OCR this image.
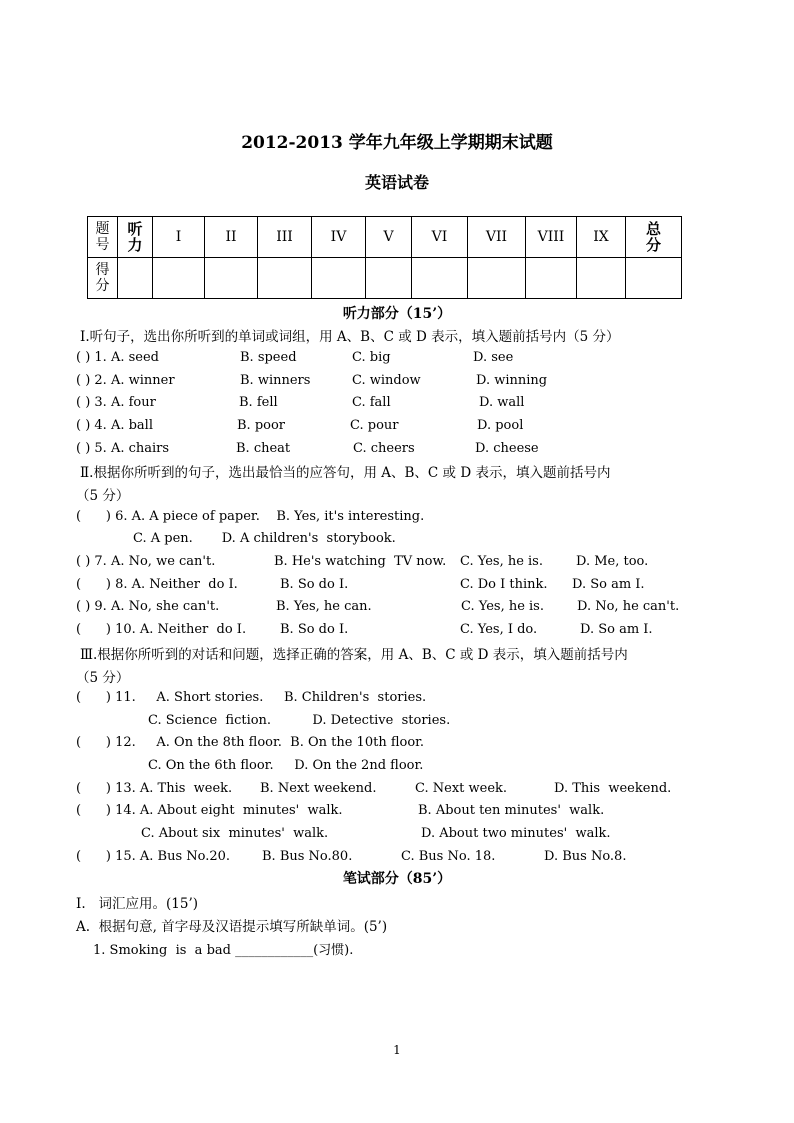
2012-2013 学年九年级上学期期末试题
英语试卷
题号	听力	I	II	III	IV	V	VI	VII	VIII	IX	总分
得分											
听力部分（15’）
Ⅰ.听句子，选出你所听到的单词或词组，用 A、B、C 或 D 表示，填入题前括号内（5 分）
( ) 1. A. seed	B. speed	C. big	D. see
( ) 2. A. winner	B. winners	C. window	D. winning
( ) 3. A. four	B. fell	C. fall	D. wall
( ) 4. A. ball	B. poor	C. pour	D. pool
( ) 5. A. chairs	B. cheat	C. cheers	D. cheese
Ⅱ.根据你所听到的句子，选出最恰当的应答句，用 A、B、C 或 D 表示，填入题前括号内
（5 分）
(      ) 6. A. A piece of paper.    B. Yes, it's interesting.
C. A pen.       D. A children's  storybook.
( ) 7. A. No, we can't.	B. He's watching  TV now. C. Yes, he is.	D. Me, too.
(      ) 8. A. Neither  do I.	B. So do I.	C. Do I think. D. So am I.
( ) 9. A. No, she can't.	B. Yes, he can.	C. Yes, he is.	D. No, he can't.
(      ) 10. A. Neither  do I.	B. So do I.	C. Yes, I do.	D. So am I.
Ⅲ.根据你所听到的对话和问题，选择正确的答案，用 A、B、C 或 D 表示，填入题前括号内
（5 分）
(      ) 11.     A. Short stories.     B. Children's  stories.
C. Science  fiction.          D. Detective  stories.
(      ) 12.     A. On the 8th floor.  B. On the 10th floor.
C. On the 6th floor.     D. On the 2nd floor.
(      ) 13. A. This  week. B. Next weekend.	C. Next week.	D. This  weekend.
(      ) 14. A. About eight  minutes'  walk.	B. About ten minutes'  walk.
C. About six  minutes'  walk.	D. About two minutes'  walk.
(      ) 15. A. Bus No.20. B. Bus No.80.	C. Bus No. 18.	D. Bus No.8.
笔试部分（85’）
I.   词汇应用。(15’)
A.  根据句意, 首字母及汉语提示填写所缺单词。(5’)
1. Smoking  is  a bad ____________(习惯).
1
